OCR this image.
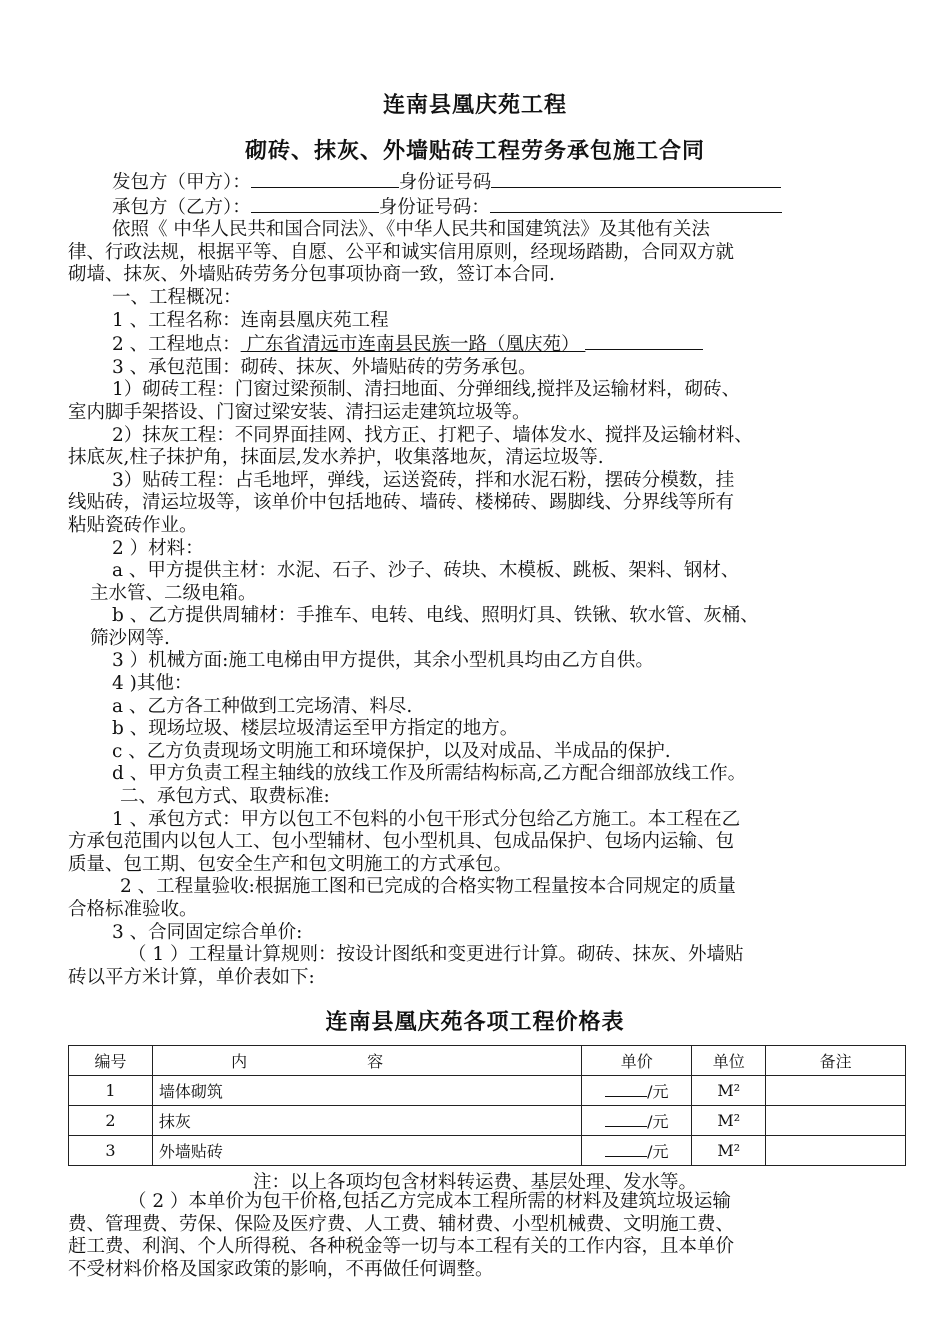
连南县凰庆苑工程
砌砖、抹灰、外墙贴砖工程劳务承包施工合同

发包方（甲方）：	身份证号码

承包方（乙方）：	身份证号码：

依照《 中华人民共和国合同法》、《中华人民共和国建筑法》及其他有关法

律、行政法规，根据平等、自愿、公平和诚实信用原则，经现场踏勘，合同双方就

砌墙、抹灰、外墙贴砖劳务分包事项协商一致，签订本合同.

一、工程概况：

1 、工程名称：连南县凰庆苑工程

2 、工程地点： 广东省清远市连南县民族一路（凰庆苑）

3 、承包范围：砌砖、抹灰、外墙贴砖的劳务承包。

1）砌砖工程：门窗过梁预制、清扫地面、分弹细线,搅拌及运输材料，砌砖、

室内脚手架搭设、门窗过梁安装、清扫运走建筑垃圾等。

2）抹灰工程：不同界面挂网、找方正、打粑子、墙体发水、搅拌及运输材料、

抹底灰,柱子抹护角，抹面层,发水养护，收集落地灰，清运垃圾等.

3）贴砖工程：占毛地坪，弹线，运送瓷砖，拌和水泥石粉，摆砖分模数，挂

线贴砖，清运垃圾等，该单价中包括地砖、墙砖、楼梯砖、踢脚线、分界线等所有

粘贴瓷砖作业。

2 ）材料：

a 、甲方提供主材：水泥、石子、沙子、砖块、木模板、跳板、架料、钢材、

主水管、二级电箱。

b 、乙方提供周辅材：手推车、电转、电线、照明灯具、铁锹、软水管、灰桶、

筛沙网等.

3 ）机械方面:施工电梯由甲方提供，其余小型机具均由乙方自供。

4 )其他：

a 、乙方各工种做到工完场清、料尽.

b 、现场垃圾、楼层垃圾清运至甲方指定的地方。

c 、乙方负责现场文明施工和环境保护，以及对成品、半成品的保护.

d 、甲方负责工程主轴线的放线工作及所需结构标高,乙方配合细部放线工作。

二、承包方式、取费标准:

1 、承包方式：甲方以包工不包料的小包干形式分包给乙方施工。本工程在乙

方承包范围内以包人工、包小型辅材、包小型机具、包成品保护、包场内运输、包

质量、包工期、包安全生产和包文明施工的方式承包。

2 、工程量验收:根据施工图和已完成的合格实物工程量按本合同规定的质量

合格标准验收。

3 、合同固定综合单价:

（ 1 ）工程量计算规则：按设计图纸和变更进行计算。砌砖、抹灰、外墙贴

砖以平方米计算，单价表如下:

连南县凰庆苑各项工程价格表
编号	内容	单价	单位	备注
1	墙体砌筑	/元	M²	
2	抹灰	/元	M²	
3	外墙贴砖	/元	M²	
注：以上各项均包含材料转运费、基层处理、发水等。

（ 2 ）本单价为包干价格,包括乙方完成本工程所需的材料及建筑垃圾运输

费、管理费、劳保、保险及医疗费、人工费、辅材费、小型机械费、文明施工费、

赶工费、利润、个人所得税、各种税金等一切与本工程有关的工作内容，且本单价

不受材料价格及国家政策的影响，不再做任何调整。
